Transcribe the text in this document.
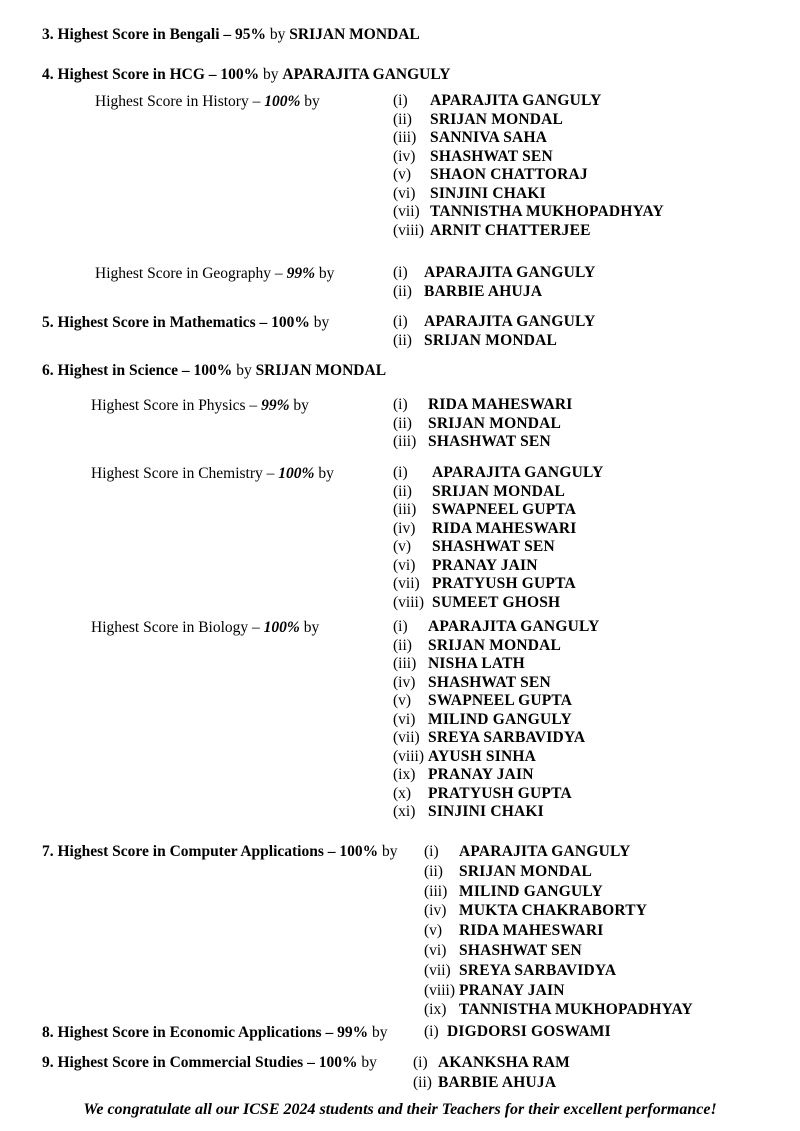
3. Highest Score in Bengali – 95% by SRIJAN MONDAL
4. Highest Score in HCG – 100% by APARAJITA GANGULY
Highest Score in History – 100% by	(i) APARAJITA GANGULY
(ii) SRIJAN MONDAL
(iii) SANNIVA SAHA
(iv) SHASHWAT SEN
(v) SHAON CHATTORAJ
(vi) SINJINI CHAKI
(vii) TANNISTHA MUKHOPADHYAY
(viii) ARNIT CHATTERJEE
Highest Score in Geography – 99% by	(i) APARAJITA GANGULY
(ii) BARBIE AHUJA
5. Highest Score in Mathematics – 100% by	(i) APARAJITA GANGULY
(ii) SRIJAN MONDAL
6. Highest in Science – 100% by SRIJAN MONDAL
Highest Score in Physics – 99% by	(i) RIDA MAHESWARI
(ii) SRIJAN MONDAL
(iii) SHASHWAT SEN
Highest Score in Chemistry – 100% by	(i) APARAJITA GANGULY
(ii) SRIJAN MONDAL
(iii) SWAPNEEL GUPTA
(iv) RIDA MAHESWARI
(v) SHASHWAT SEN
(vi) PRANAY JAIN
(vii) PRATYUSH GUPTA
(viii) SUMEET GHOSH
Highest Score in Biology – 100% by	(i) APARAJITA GANGULY
(ii) SRIJAN MONDAL
(iii) NISHA LATH
(iv) SHASHWAT SEN
(v) SWAPNEEL GUPTA
(vi) MILIND GANGULY
(vii) SREYA SARBAVIDYA
(viii) AYUSH SINHA
(ix) PRANAY JAIN
(x) PRATYUSH GUPTA
(xi) SINJINI CHAKI
7. Highest Score in Computer Applications – 100% by (i) APARAJITA GANGULY
(ii) SRIJAN MONDAL
(iii) MILIND GANGULY
(iv) MUKTA CHAKRABORTY
(v) RIDA MAHESWARI
(vi) SHASHWAT SEN
(vii) SREYA SARBAVIDYA
(viii) PRANAY JAIN
(ix) TANNISTHA MUKHOPADHYAY
8. Highest Score in Economic Applications – 99% by (i) DIGDORSI GOSWAMI
9. Highest Score in Commercial Studies – 100% by (i) AKANKSHA RAM
(ii) BARBIE AHUJA
We congratulate all our ICSE 2024 students and their Teachers for their excellent performance!
